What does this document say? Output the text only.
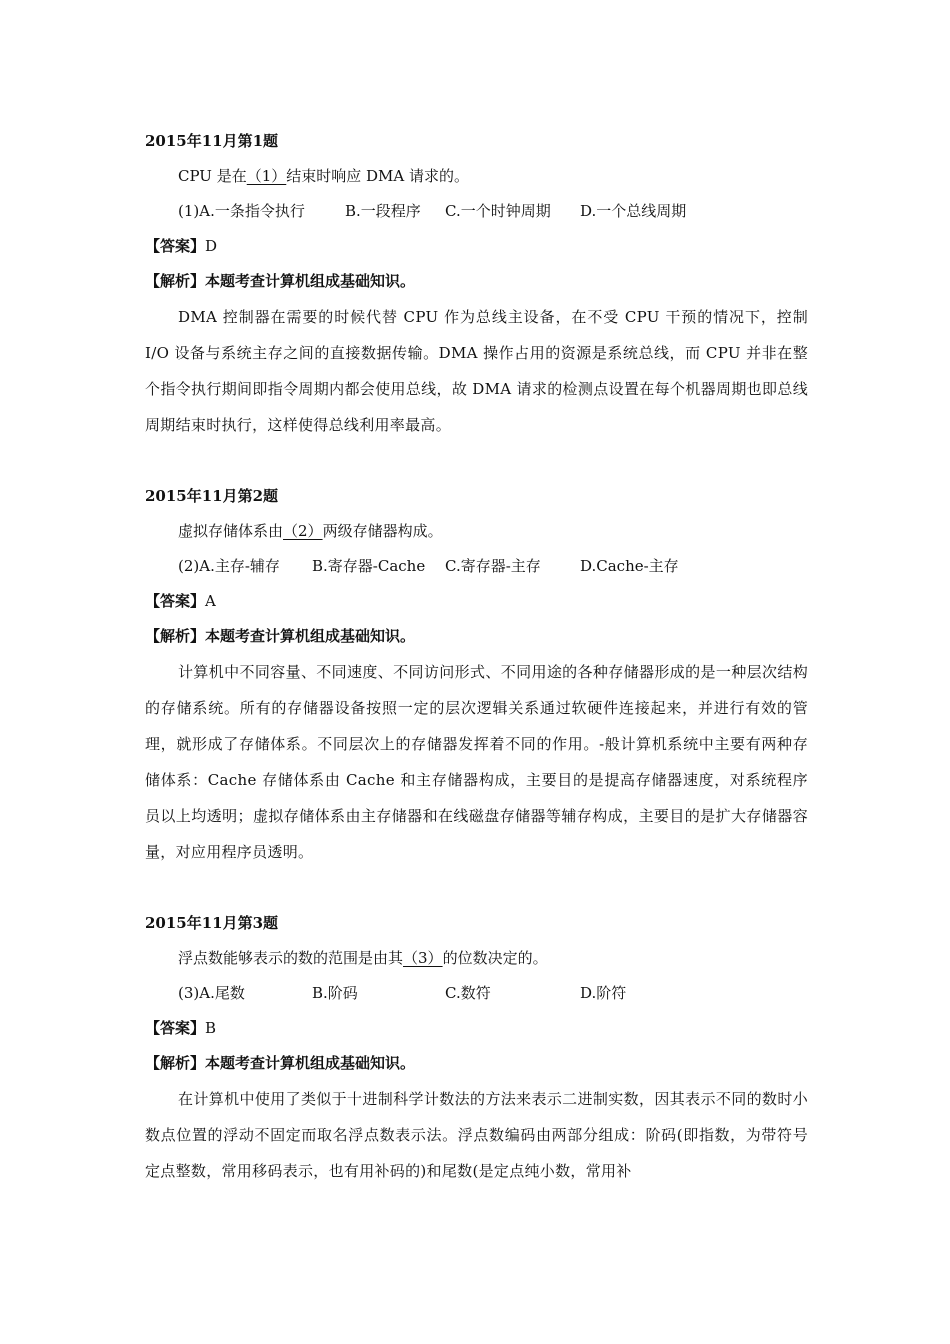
2015年11月第1题
CPU 是在（1）结束时响应 DMA 请求的。
(1)A.一条指令执行	B.一段程序 C.一个时钟周期 D.一个总线周期
【答案】D
【解析】本题考查计算机组成基础知识。

DMA 控制器在需要的时候代替 CPU 作为总线主设备，在不受 CPU 干预的情况下，控制 I/O 设备与系统主存之间的直接数据传输。DMA 操作占用的资源是系统总线，而 CPU 并非在整个指令执行期间即指令周期内都会使用总线，故 DMA 请求的检测点设置在每个机器周期也即总线周期结束时执行，这样使得总线利用率最高。

2015年11月第2题
虚拟存储体系由（2）两级存储器构成。
(2)A.主存-辅存 B.寄存器-Cache C.寄存器-主存	D.Cache-主存
【答案】A
【解析】本题考查计算机组成基础知识。

计算机中不同容量、不同速度、不同访问形式、不同用途的各种存储器形成的是一种层次结构的存储系统。所有的存储器设备按照一定的层次逻辑关系通过软硬件连接起来，并进行有效的管理，就形成了存储体系。不同层次上的存储器发挥着不同的作用。-般计算机系统中主要有两种存储体系：Cache 存储体系由 Cache 和主存储器构成，主要目的是提高存储器速度，对系统程序员以上均透明；虚拟存储体系由主存储器和在线磁盘存储器等辅存构成，主要目的是扩大存储器容量，对应用程序员透明。

2015年11月第3题
浮点数能够表示的数的范围是由其（3）的位数决定的。
(3)A.尾数	B.阶码	C.数符	D.阶符
【答案】B
【解析】本题考查计算机组成基础知识。

在计算机中使用了类似于十进制科学计数法的方法来表示二进制实数，因其表示不同的数时小数点位置的浮动不固定而取名浮点数表示法。浮点数编码由两部分组成：阶码(即指数，为带符号定点整数，常用移码表示，也有用补码的)和尾数(是定点纯小数，常用补
